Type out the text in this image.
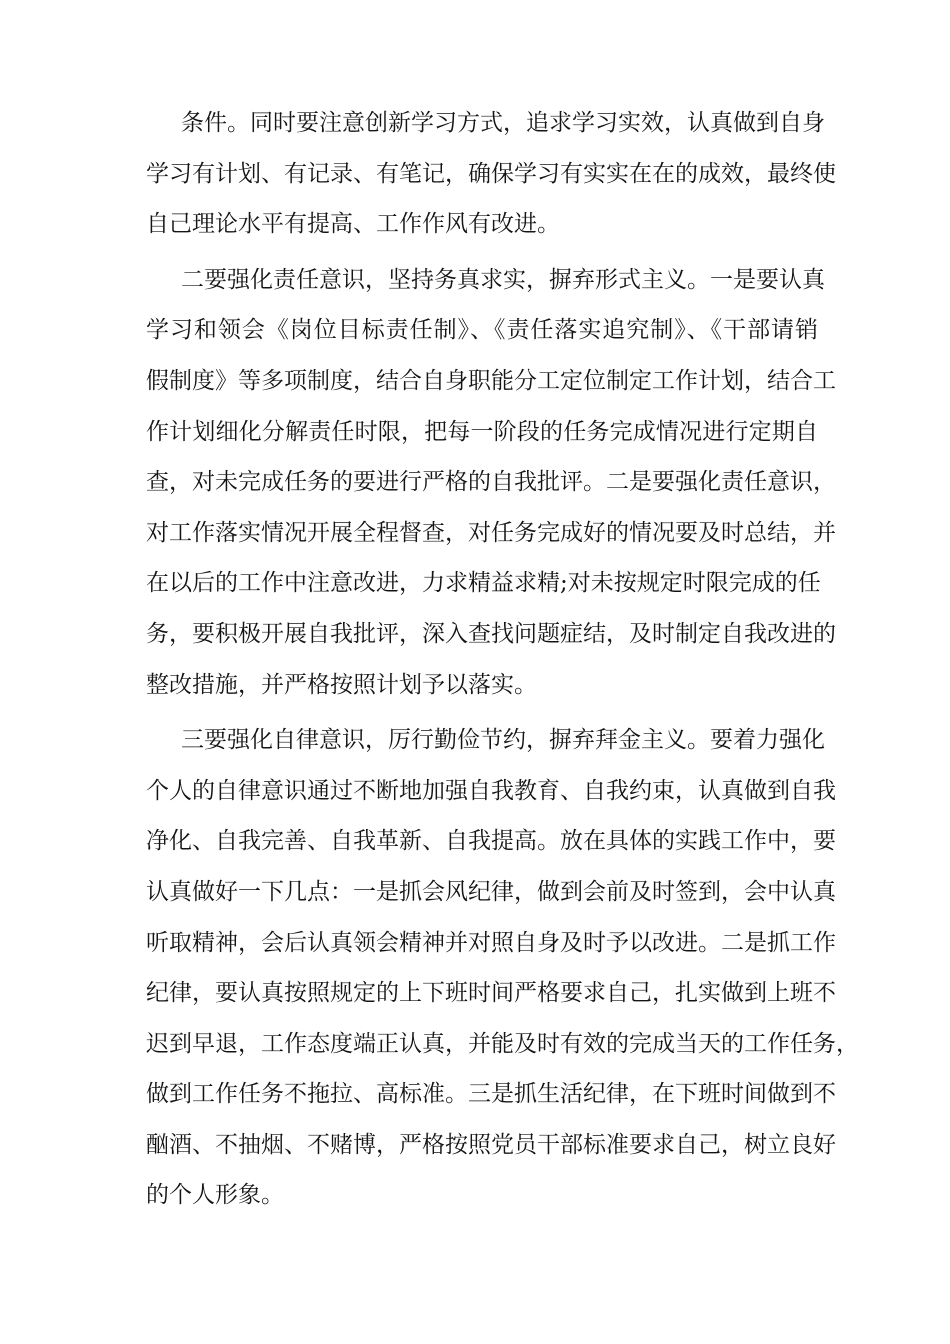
条件。同时要注意创新学习方式，追求学习实效，认真做到自身
学习有计划、有记录、有笔记，确保学习有实实在在的成效，最终使
自己理论水平有提高、工作作风有改进。
二要强化责任意识，坚持务真求实，摒弃形式主义。一是要认真
学习和领会《岗位目标责任制》、《责任落实追究制》、《干部请销
假制度》等多项制度，结合自身职能分工定位制定工作计划，结合工
作计划细化分解责任时限，把每一阶段的任务完成情况进行定期自
查，对未完成任务的要进行严格的自我批评。二是要强化责任意识，
对工作落实情况开展全程督查，对任务完成好的情况要及时总结，并
在以后的工作中注意改进，力求精益求精;对未按规定时限完成的任
务，要积极开展自我批评，深入查找问题症结，及时制定自我改进的
整改措施，并严格按照计划予以落实。
三要强化自律意识，厉行勤俭节约，摒弃拜金主义。要着力强化
个人的自律意识通过不断地加强自我教育、自我约束，认真做到自我
净化、自我完善、自我革新、自我提高。放在具体的实践工作中，要
认真做好一下几点：一是抓会风纪律，做到会前及时签到，会中认真
听取精神，会后认真领会精神并对照自身及时予以改进。二是抓工作
纪律，要认真按照规定的上下班时间严格要求自己，扎实做到上班不
迟到早退，工作态度端正认真，并能及时有效的完成当天的工作任务，
做到工作任务不拖拉、高标准。三是抓生活纪律，在下班时间做到不
酗酒、不抽烟、不赌博，严格按照党员干部标准要求自己，树立良好
的个人形象。
